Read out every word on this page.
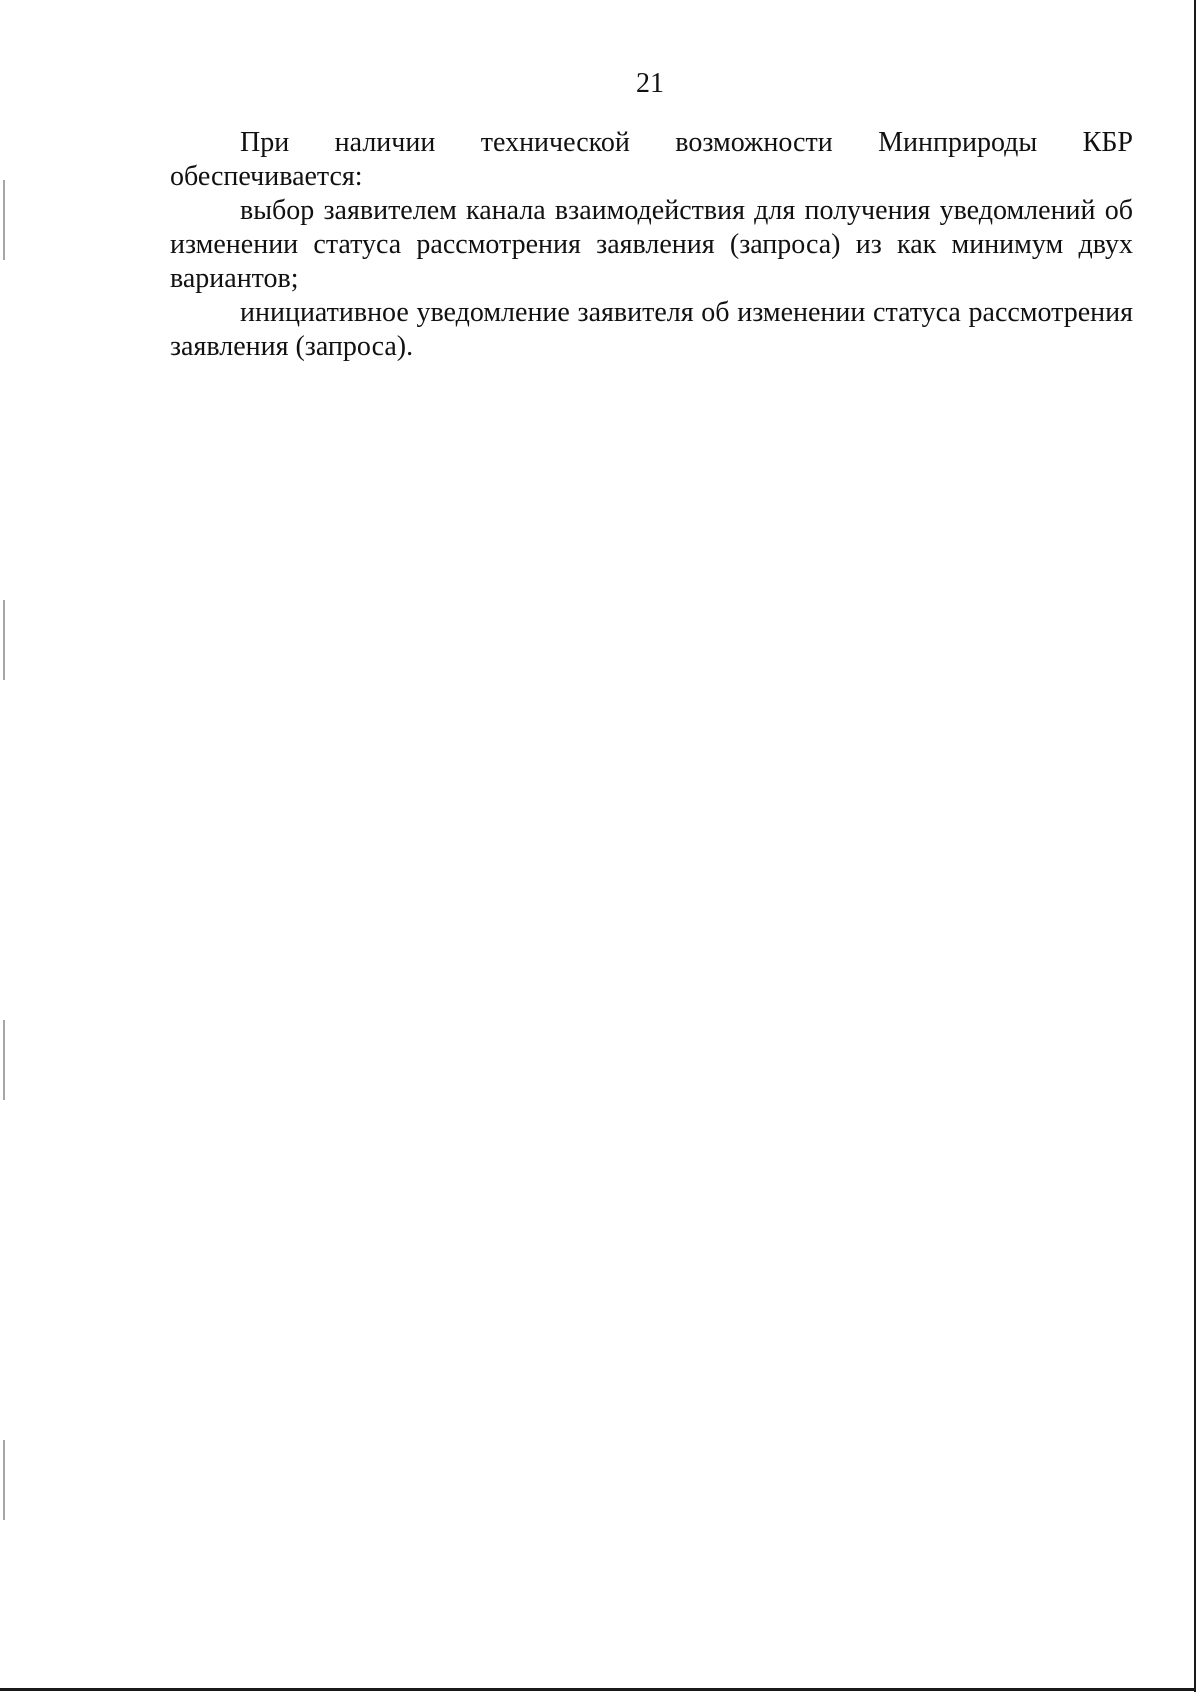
21

При наличии технической возможности Минприроды КБР обеспечивается:

выбор заявителем канала взаимодействия для получения уведомлений об изменении статуса рассмотрения заявления (запроса) из как минимум двух вариантов;

инициативное уведомление заявителя об изменении статуса рассмотрения заявления (запроса).
